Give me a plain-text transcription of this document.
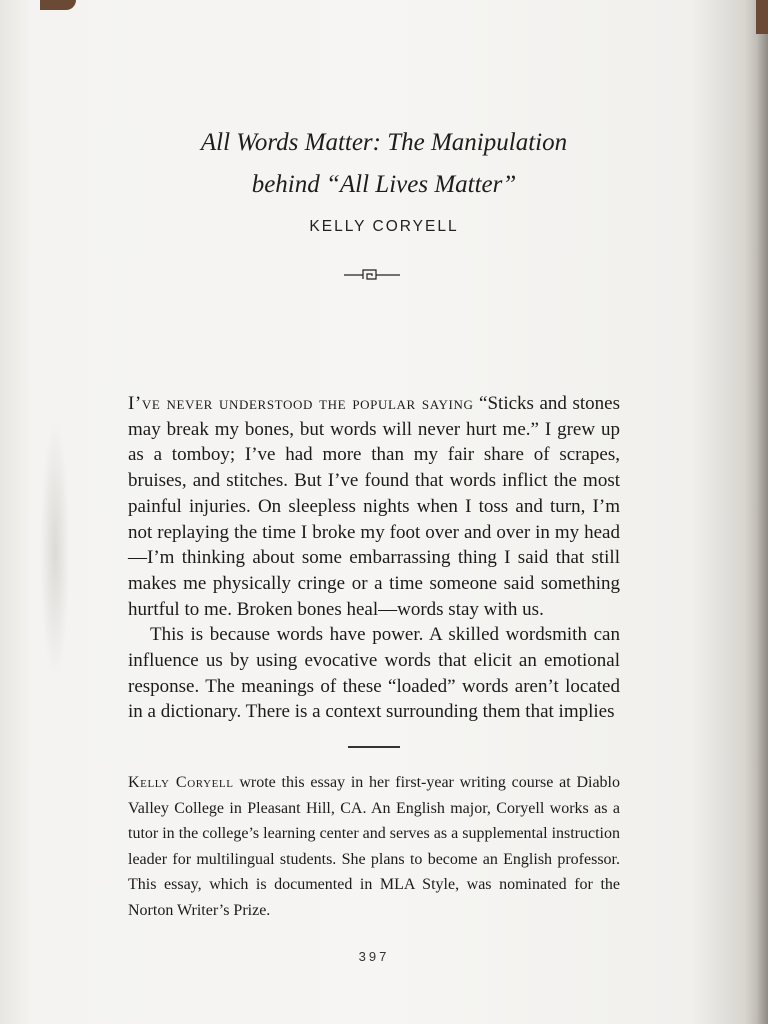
All Words Matter: The Manipulation
behind “All Lives Matter”
KELLY CORYELL

I’ve never understood the popular saying “Sticks and stones may break my bones, but words will never hurt me.” I grew up as a tomboy; I’ve had more than my fair share of scrapes, bruises, and stitches. But I’ve found that words inflict the most painful injuries. On sleepless nights when I toss and turn, I’m not replaying the time I broke my foot over and over in my head—I’m thinking about some embarrassing thing I said that still makes me physically cringe or a time someone said something hurtful to me. Broken bones heal—words stay with us.

This is because words have power. A skilled wordsmith can influence us by using evocative words that elicit an emotional response. The meanings of these “loaded” words aren’t located in a dictionary. There is a context surrounding them that implies

Kelly Coryell wrote this essay in her first-year writing course at Diablo Valley College in Pleasant Hill, CA. An English major, Coryell works as a tutor in the college’s learning center and serves as a supplemental instruction leader for multilingual students. She plans to become an English professor. This essay, which is documented in MLA Style, was nominated for the Norton Writer’s Prize.

397
